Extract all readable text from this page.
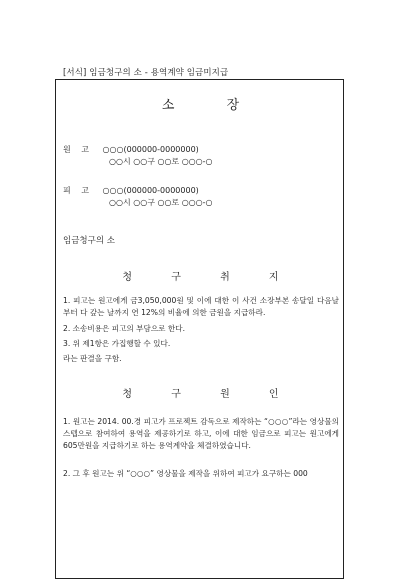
[서식] 임금청구의 소 - 용역계약 임금미지급
소 장
원 고 ○○○(000000-0000000)
○○시 ○○구 ○○로 ○○○-○
피 고 ○○○(000000-0000000)
○○시 ○○구 ○○로 ○○○-○
임금청구의 소
청 구 취 지
1. 피고는 원고에게 금3,050,000원 및 이에 대한 이 사건 소장부본 송달일 다음날부터 다 갚는 날까지 연 12%의 비율에 의한 금원을 지급하라.
2. 소송비용은 피고의 부담으로 한다.
3. 위 제1항은 가집행할 수 있다.
라는 판결을 구함.
청 구 원 인
1. 원고는 2014. 00.경 피고가 프로젝트 감독으로 제작하는 “○○○”라는 영상물의 스텝으로 참여하여 용역을 제공하기로 하고, 이에 대한 임금으로 피고는 원고에게 605만원을 지급하기로 하는 용역계약을 체결하였습니다.
2. 그 후 원고는 위 “○○○” 영상물을 제작을 위하여 피고가 요구하는 000
